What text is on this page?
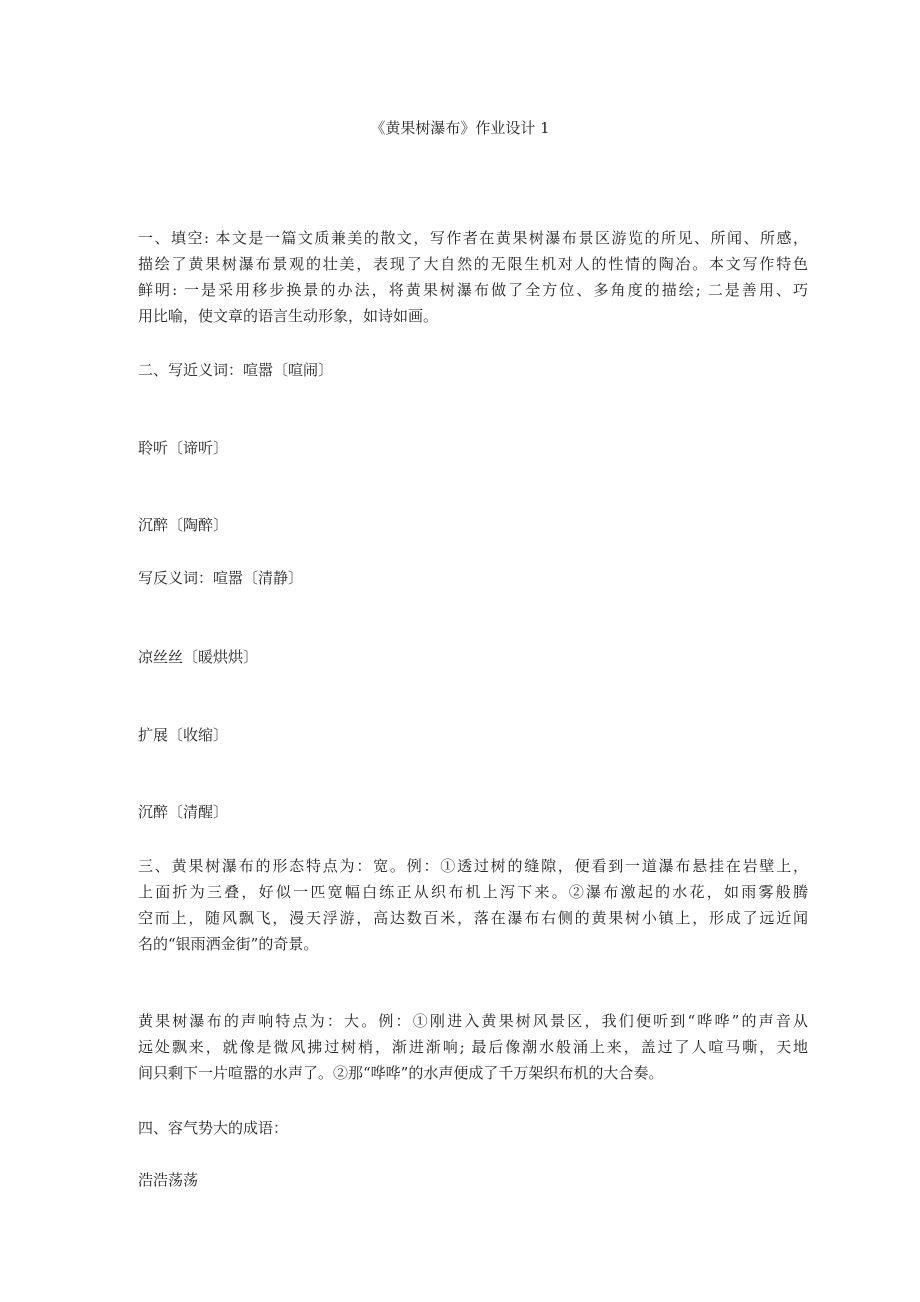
《黄果树瀑布》作业设计 1
一、填空: 本文是一篇文质兼美的散文，写作者在黄果树瀑布景区游览的所见、所闻、所感，
描绘了黄果树瀑布景观的壮美，表现了大自然的无限生机对人的性情的陶冶。本文写作特色
鲜明: 一是采用移步换景的办法，将黄果树瀑布做了全方位、多角度的描绘; 二是善用、巧
用比喻，使文章的语言生动形象，如诗如画。
二、写近义词：喧嚣〔喧闹〕
聆听〔谛听〕
沉醉〔陶醉〕
写反义词：喧嚣〔清静〕
凉丝丝〔暖烘烘〕
扩展〔收缩〕
沉醉〔清醒〕
三、黄果树瀑布的形态特点为：宽。例：①透过树的缝隙，便看到一道瀑布悬挂在岩壁上，
上面折为三叠，好似一匹宽幅白练正从织布机上泻下来。②瀑布激起的水花，如雨雾般腾
空而上，随风飘飞，漫天浮游，高达数百米，落在瀑布右侧的黄果树小镇上，形成了远近闻
名的“银雨洒金街”的奇景。
黄果树瀑布的声响特点为：大。例：①刚进入黄果树风景区，我们便听到“哗哗”的声音从
远处飘来，就像是微风拂过树梢，渐进渐响; 最后像潮水般涌上来，盖过了人喧马嘶，天地
间只剩下一片喧嚣的水声了。②那“哗哗”的水声便成了千万架织布机的大合奏。
四、容气势大的成语：
浩浩荡荡
